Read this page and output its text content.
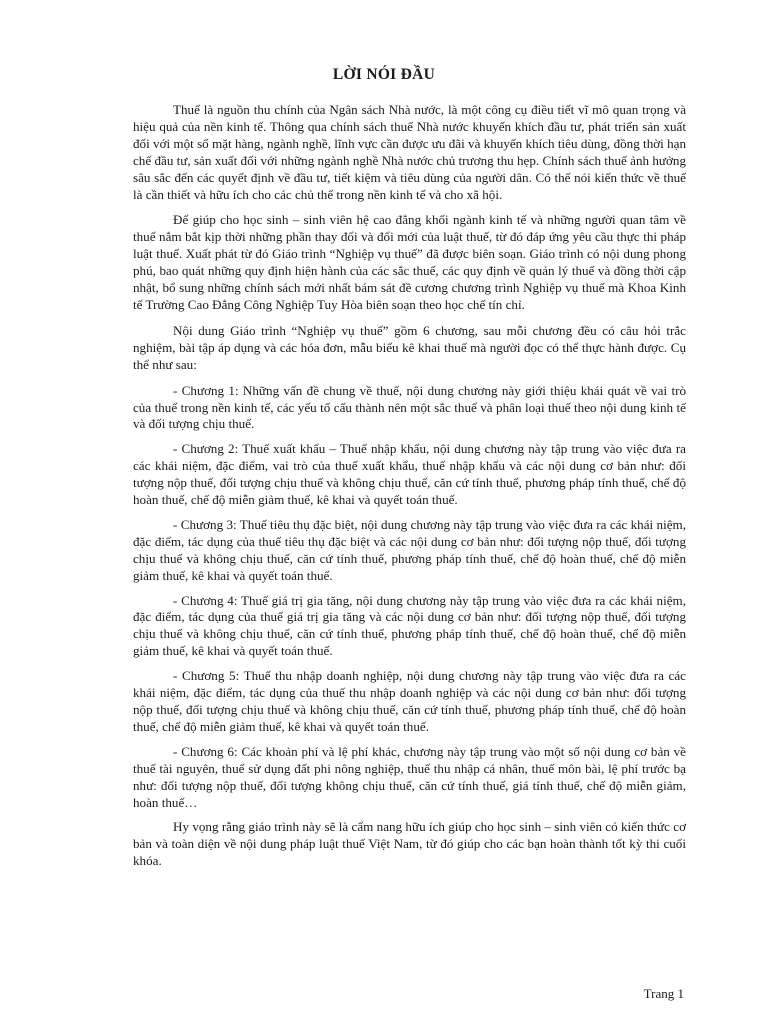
LỜI NÓI ĐẦU

Thuế là nguồn thu chính của Ngân sách Nhà nước, là một công cụ điều tiết vĩ mô quan trọng và hiệu quả của nền kinh tế. Thông qua chính sách thuế Nhà nước khuyến khích đầu tư, phát triển sản xuất đối với một số mặt hàng, ngành nghề, lĩnh vực cần được ưu đãi và khuyến khích tiêu dùng, đồng thời hạn chế đầu tư, sản xuất đối với những ngành nghề Nhà nước chủ trương thu hẹp. Chính sách thuế ảnh hưởng sâu sắc đến các quyết định về đầu tư, tiết kiệm và tiêu dùng của người dân. Có thể nói kiến thức về thuế là cần thiết và hữu ích cho các chủ thể trong nền kinh tế và cho xã hội.

Để giúp cho học sinh – sinh viên hệ cao đẳng khối ngành kinh tế và những người quan tâm về thuế nắm bắt kịp thời những phần thay đổi và đổi mới của luật thuế, từ đó đáp ứng yêu cầu thực thi pháp luật thuế. Xuất phát từ đó Giáo trình “Nghiệp vụ thuế” đã được biên soạn. Giáo trình có nội dung phong phú, bao quát những quy định hiện hành của các sắc thuế, các quy định về quản lý thuế và đồng thời cập nhật, bổ sung những chính sách mới nhất bám sát đề cương chương trình Nghiệp vụ thuế mà Khoa Kinh tế Trường Cao Đẳng Công Nghiệp Tuy Hòa biên soạn theo học chế tín chỉ.

Nội dung Giáo trình “Nghiệp vụ thuế” gồm 6 chương, sau mỗi chương đều có câu hỏi trắc nghiệm, bài tập áp dụng và các hóa đơn, mẫu biểu kê khai thuế mà người đọc có thể thực hành được. Cụ thể như sau:

- Chương 1: Những vấn đề chung về thuế, nội dung chương này giới thiệu khái quát về vai trò của thuế trong nền kinh tế, các yếu tố cấu thành nên một sắc thuế và phân loại thuế theo nội dung kinh tế và đối tượng chịu thuế.

- Chương 2: Thuế xuất khẩu – Thuế nhập khẩu, nội dung chương này tập trung vào việc đưa ra các khái niệm, đặc điểm, vai trò của thuế xuất khẩu, thuế nhập khẩu và các nội dung cơ bản như: đối tượng nộp thuế, đối tượng chịu thuế và không chịu thuế, căn cứ tính thuế, phương pháp tính thuế, chế độ hoàn thuế, chế độ miễn giảm thuế, kê khai và quyết toán thuế.

- Chương 3: Thuế tiêu thụ đặc biệt, nội dung chương này tập trung vào việc đưa ra các khái niệm, đặc điểm, tác dụng của thuế tiêu thụ đặc biệt và các nội dung cơ bản như: đối tượng nộp thuế, đối tượng chịu thuế và không chịu thuế, căn cứ tính thuế, phương pháp tính thuế, chế độ hoàn thuế, chế độ miễn giảm thuế, kê khai và quyết toán thuế.

- Chương 4: Thuế giá trị gia tăng, nội dung chương này tập trung vào việc đưa ra các khái niệm, đặc điểm, tác dụng của thuế giá trị gia tăng và các nội dung cơ bản như: đối tượng nộp thuế, đối tượng chịu thuế và không chịu thuế, căn cứ tính thuế, phương pháp tính thuế, chế độ hoàn thuế, chế độ miễn giảm thuế, kê khai và quyết toán thuế.

- Chương 5: Thuế thu nhập doanh nghiệp, nội dung chương này tập trung vào việc đưa ra các khái niệm, đặc điểm, tác dụng của thuế thu nhập doanh nghiệp và các nội dung cơ bản như: đối tượng nộp thuế, đối tượng chịu thuế và không chịu thuế, căn cứ tính thuế, phương pháp tính thuế, chế độ hoàn thuế, chế độ miễn giảm thuế, kê khai và quyết toán thuế.

- Chương 6: Các khoản phí và lệ phí khác, chương này tập trung vào một số nội dung cơ bản về thuế tài nguyên, thuế sử dụng đất phi nông nghiệp, thuế thu nhập cá nhân, thuế môn bài, lệ phí trước bạ như: đối tượng nộp thuế, đối tượng không chịu thuế, căn cứ tính thuế, giá tính thuế, chế độ miễn giảm, hoàn thuế…

Hy vọng rằng giáo trình này sẽ là cẩm nang hữu ích giúp cho học sinh – sinh viên có kiến thức cơ bản và toàn diện về nội dung pháp luật thuế Việt Nam, từ đó giúp cho các bạn hoàn thành tốt kỳ thi cuối khóa.

Trang 1
